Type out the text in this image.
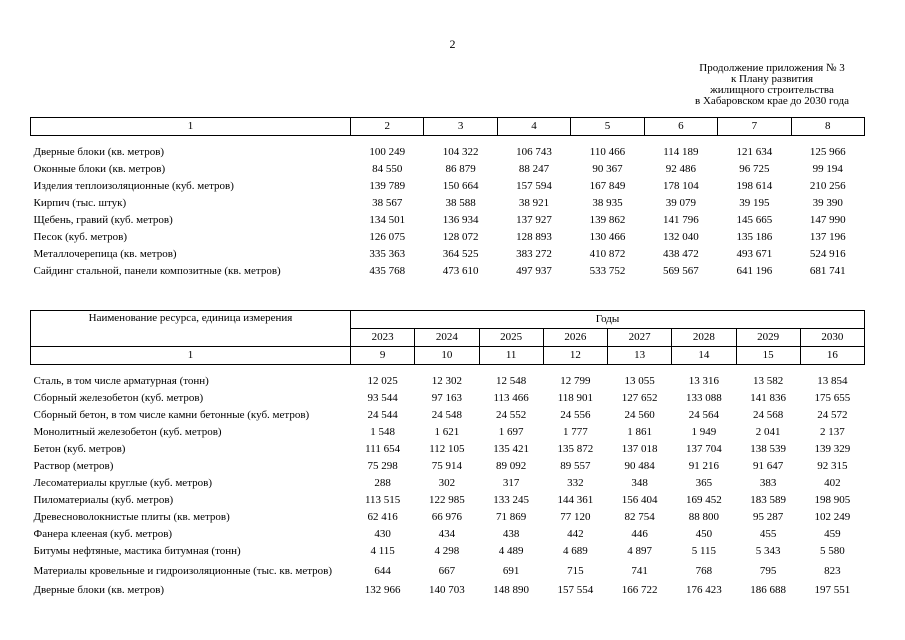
2
Продолжение приложения № 3
к Плану развития
жилищного строительства
в Хабаровском крае до 2030 года
1	2	3	4	5	6	7	8

Дверные блоки (кв. метров)	100 249	104 322	106 743	110 466	114 189	121 634	125 966
Оконные блоки (кв. метров)	84 550	86 879	88 247	90 367	92 486	96 725	99 194
Изделия теплоизоляционные (куб. метров)	139 789	150 664	157 594	167 849	178 104	198 614	210 256
Кирпич (тыс. штук)	38 567	38 588	38 921	38 935	39 079	39 195	39 390
Щебень, гравий (куб. метров)	134 501	136 934	137 927	139 862	141 796	145 665	147 990
Песок (куб. метров)	126 075	128 072	128 893	130 466	132 040	135 186	137 196
Металлочерепица (кв. метров)	335 363	364 525	383 272	410 872	438 472	493 671	524 916
Сайдинг стальной, панели композитные (кв. метров)	435 768	473 610	497 937	533 752	569 567	641 196	681 741
Наименование ресурса, единица измерения	Годы							
	2023	2024	2025	2026	2027	2028	2029	2030
1	9	10	11	12	13	14	15	16

Сталь, в том числе арматурная (тонн)	12 025	12 302	12 548	12 799	13 055	13 316	13 582	13 854
Сборный железобетон (куб. метров)	93 544	97 163	113 466	118 901	127 652	133 088	141 836	175 655
Сборный бетон, в том числе камни бетонные (куб. метров)	24 544	24 548	24 552	24 556	24 560	24 564	24 568	24 572
Монолитный железобетон (куб. метров)	1 548	1 621	1 697	1 777	1 861	1 949	2 041	2 137
Бетон (куб. метров)	111 654	112 105	135 421	135 872	137 018	137 704	138 539	139 329
Раствор (метров)	75 298	75 914	89 092	89 557	90 484	91 216	91 647	92 315
Лесоматериалы круглые (куб. метров)	288	302	317	332	348	365	383	402
Пиломатериалы (куб. метров)	113 515	122 985	133 245	144 361	156 404	169 452	183 589	198 905
Древесноволокнистые плиты (кв. метров)	62 416	66 976	71 869	77 120	82 754	88 800	95 287	102 249
Фанера клееная (куб. метров)	430	434	438	442	446	450	455	459
Битумы нефтяные, мастика битумная (тонн)	4 115	4 298	4 489	4 689	4 897	5 115	5 343	5 580
Материалы кровельные и гидроизоляционные (тыс. кв. метров)	644	667	691	715	741	768	795	823
Дверные блоки (кв. метров)	132 966	140 703	148 890	157 554	166 722	176 423	186 688	197 551
